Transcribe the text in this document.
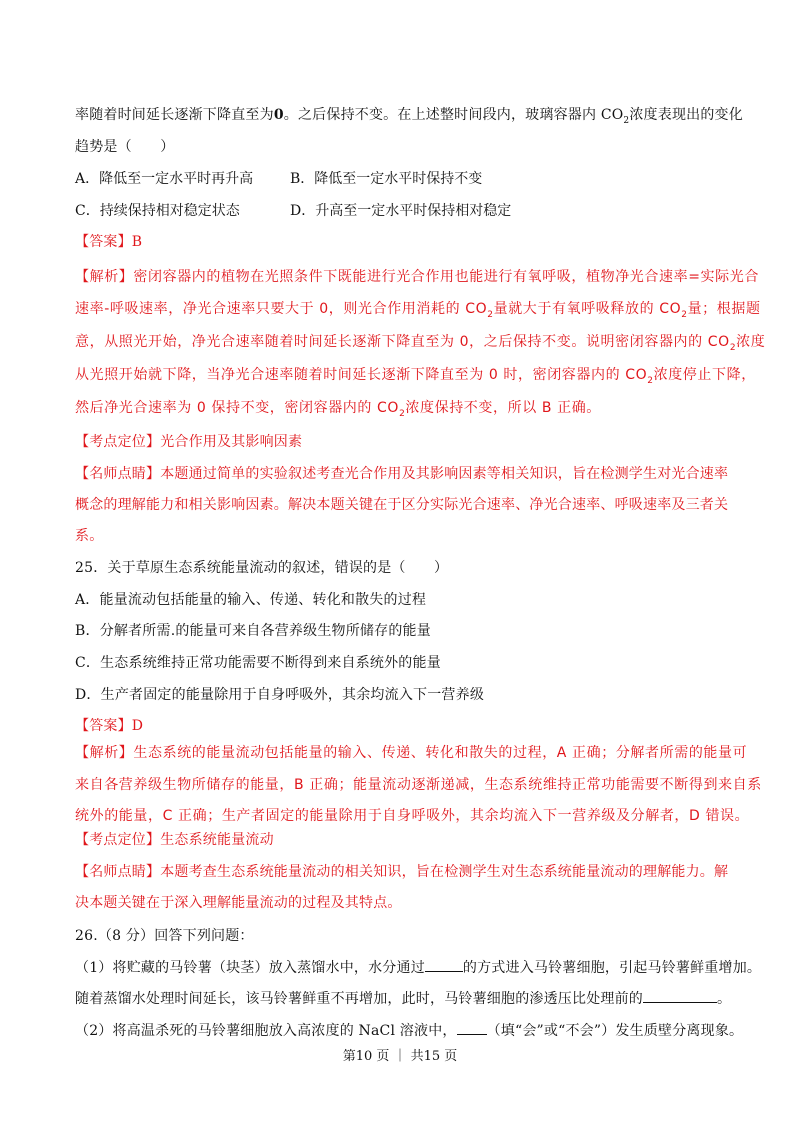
率随着时间延长逐渐下降直至为0。之后保持不变。在上述整时间段内，玻璃容器内 $CO_2$浓度表现出的变化
趋势是（　　）
A．降低至一定水平时再升高	B．降低至一定水平时保持不变
C．持续保持相对稳定状态	D．升高至一定水平时保持相对稳定
【答案】B
【解析】密闭容器内的植物在光照条件下既能进行光合作用也能进行有氧呼吸，植物净光合速率=实际光合
速率-呼吸速率，净光合速率只要大于 0，则光合作用消耗的 $CO_2$量就大于有氧呼吸释放的 $CO_2$量；根据题
意，从照光开始，净光合速率随着时间延长逐渐下降直至为 0，之后保持不变。说明密闭容器内的 $CO_2$浓度
从光照开始就下降，当净光合速率随着时间延长逐渐下降直至为 0 时，密闭容器内的 $CO_2$浓度停止下降，
然后净光合速率为 0 保持不变，密闭容器内的 $CO_2$浓度保持不变，所以 B 正确。
【考点定位】光合作用及其影响因素
【名师点睛】本题通过简单的实验叙述考查光合作用及其影响因素等相关知识，旨在检测学生对光合速率
概念的理解能力和相关影响因素。解决本题关键在于区分实际光合速率、净光合速率、呼吸速率及三者关
系。
25．关于草原生态系统能量流动的叙述，错误的是（　　）
A．能量流动包括能量的输入、传递、转化和散失的过程
B．分解者所需.的能量可来自各营养级生物所储存的能量
C．生态系统维持正常功能需要不断得到来自系统外的能量
D．生产者固定的能量除用于自身呼吸外，其余均流入下一营养级
【答案】D
【解析】生态系统的能量流动包括能量的输入、传递、转化和散失的过程，A 正确；分解者所需的能量可
来自各营养级生物所储存的能量，B 正确；能量流动逐渐递减，生态系统维持正常功能需要不断得到来自系
统外的能量，C 正确；生产者固定的能量除用于自身呼吸外，其余均流入下一营养级及分解者，D 错误。
【考点定位】生态系统能量流动
【名师点睛】本题考查生态系统能量流动的相关知识，旨在检测学生对生态系统能量流动的理解能力。解
决本题关键在于深入理解能量流动的过程及其特点。
26.（8 分）回答下列问题：
（1）将贮藏的马铃薯（块茎）放入蒸馏水中，水分通过	的方式进入马铃薯细胞，引起马铃薯鲜重增加。
随着蒸馏水处理时间延长，该马铃薯鲜重不再增加，此时，马铃薯细胞的渗透压比处理前的	。
（2）将高温杀死的马铃薯细胞放入高浓度的 NaCl 溶液中， （填“会”或“不会”）发生质壁分离现象。
第10 页 ｜ 共15 页
